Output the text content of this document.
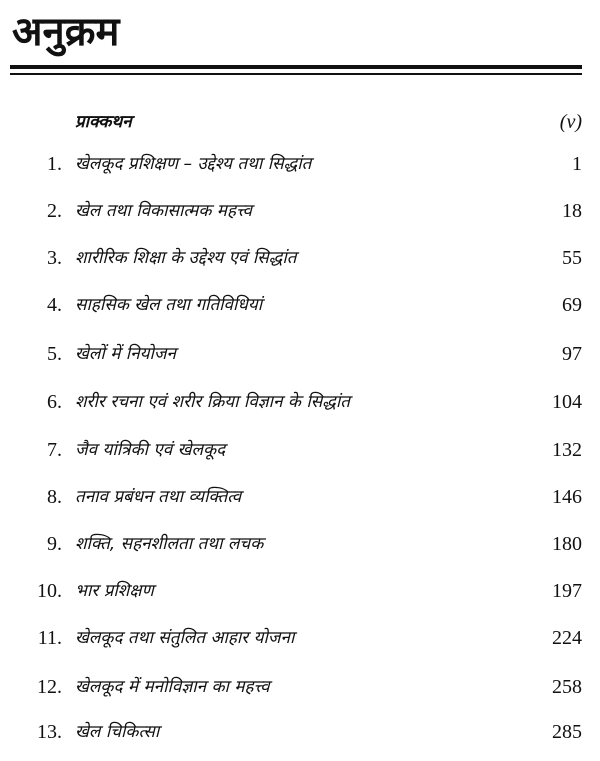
अनुक्रम
प्राक्कथन	(v)
1. खेलकूद प्रशिक्षण – उद्देश्य तथा सिद्धांत	1
2. खेल तथा विकासात्मक महत्त्व	18
3. शारीरिक शिक्षा के उद्देश्य एवं सिद्धांत	55
4. साहसिक खेल तथा गतिविधियां	69
5. खेलों में नियोजन	97
6. शरीर रचना एवं शरीर क्रिया विज्ञान के सिद्धांत	104
7. जैव यांत्रिकी एवं खेलकूद	132
8. तनाव प्रबंधन तथा व्यक्तित्व	146
9. शक्ति, सहनशीलता तथा लचक	180
10. भार प्रशिक्षण	197
11. खेलकूद तथा संतुलित आहार योजना	224
12. खेलकूद में मनोविज्ञान का महत्त्व	258
13. खेल चिकित्सा	285
